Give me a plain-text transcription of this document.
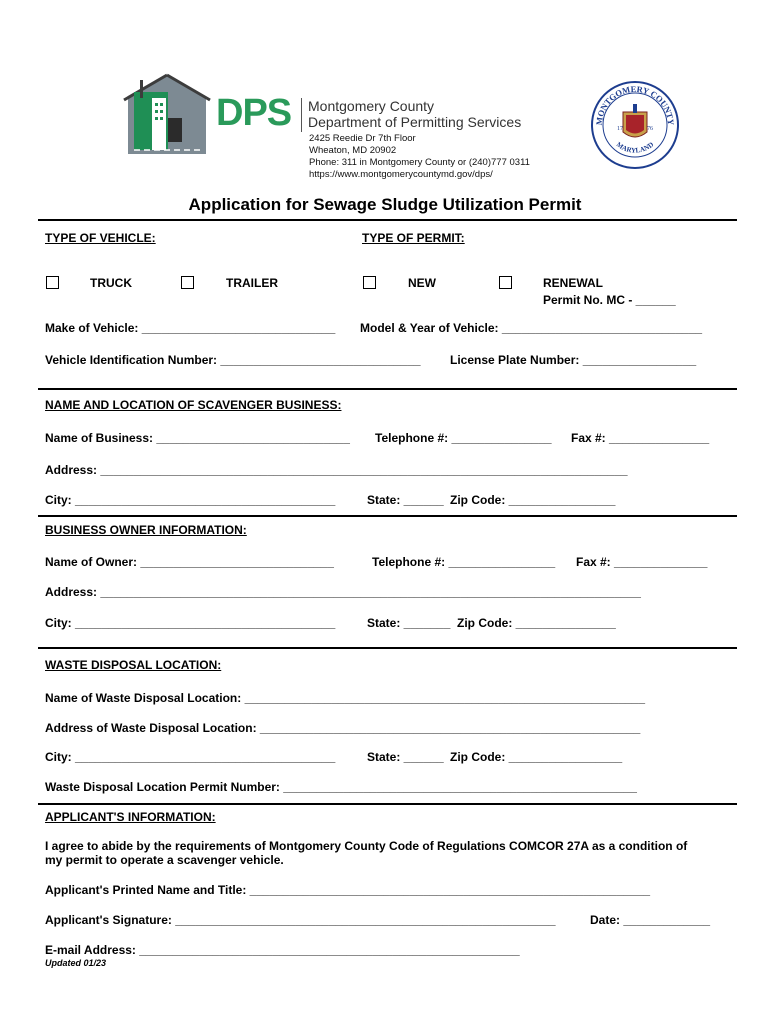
DPS Montgomery County
Department of Permitting Services
2425 Reedie Dr 7th Floor
Wheaton, MD 20902
Phone: 311 in Montgomery County or (240)777 0311
https://www.montgomerycountymd.gov/dps/
MONTGOMERY COUNTY
MARYLAND
17	76
Application for Sewage Sludge Utilization Permit
TYPE OF VEHICLE:	TYPE OF PERMIT:
TRUCK	TRAILER	NEW	RENEWAL
Permit No. MC - ______
Make of Vehicle: _____________________________ Model & Year of Vehicle: ______________________________
Vehicle Identification Number: ______________________________ License Plate Number: _________________
NAME AND LOCATION OF SCAVENGER BUSINESS:
Name of Business: _____________________________ Telephone #: _______________ Fax #: _______________
Address: _______________________________________________________________________________
City: _______________________________________	State: ______ Zip Code: ________________
BUSINESS OWNER INFORMATION:
Name of Owner: _____________________________	Telephone #: ________________ Fax #: ______________
Address: _________________________________________________________________________________
City: _______________________________________	State: _______ Zip Code: _______________
WASTE DISPOSAL LOCATION:
Name of Waste Disposal Location: ____________________________________________________________
Address of Waste Disposal Location: _________________________________________________________
City: _______________________________________	State: ______ Zip Code: _________________
Waste Disposal Location Permit Number: _____________________________________________________
APPLICANT'S INFORMATION:
I agree to abide by the requirements of Montgomery County Code of Regulations COMCOR 27A as a condition of
my permit to operate a scavenger vehicle.
Applicant's Printed Name and Title: ____________________________________________________________
Applicant's Signature: _________________________________________________________	Date: _____________
E-mail Address: _________________________________________________________
Updated 01/23
